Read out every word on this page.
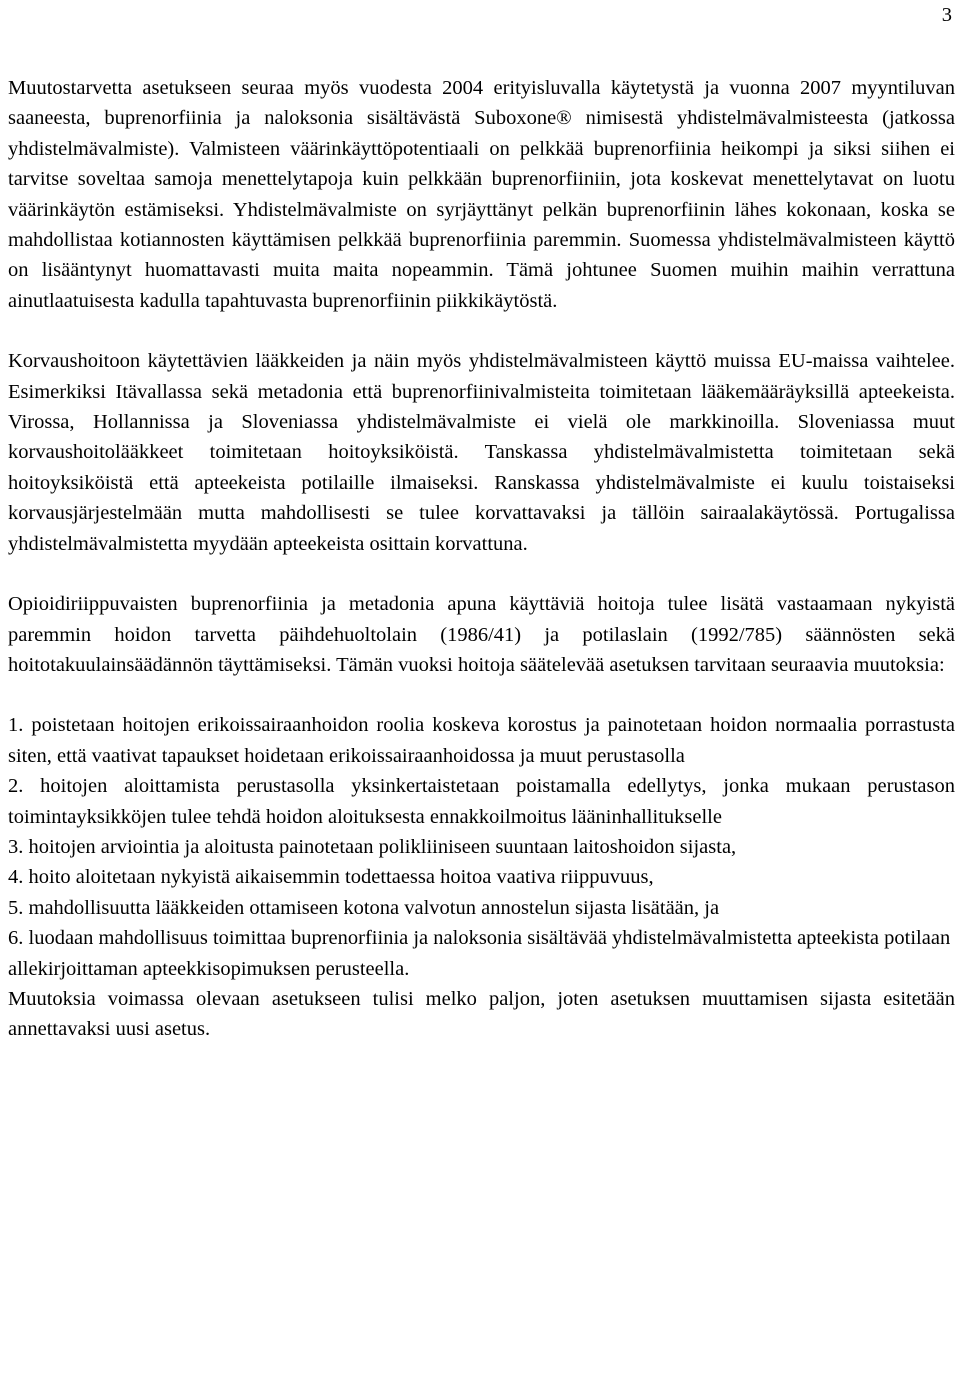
3

Muutostarvetta asetukseen seuraa myös vuodesta 2004 erityisluvalla käytetystä ja vuonna 2007 myyntiluvan saaneesta, buprenorfiinia ja naloksonia sisältävästä Suboxone® nimisestä yhdistelmävalmisteesta (jatkossa yhdistelmävalmiste). Valmisteen väärinkäyttöpotentiaali on pelkkää buprenorfiinia heikompi ja siksi siihen ei tarvitse soveltaa samoja menettelytapoja kuin pelkkään buprenorfiiniin, jota koskevat menettelytavat on luotu väärinkäytön estämiseksi. Yhdistelmävalmiste on syrjäyttänyt pelkän buprenorfiinin lähes kokonaan, koska se mahdollistaa kotiannosten käyttämisen pelkkää buprenorfiinia paremmin. Suomessa yhdistelmävalmisteen käyttö on lisääntynyt huomattavasti muita maita nopeammin. Tämä johtunee Suomen muihin maihin verrattuna ainutlaatuisesta kadulla tapahtuvasta buprenorfiinin piikkikäytöstä.

Korvaushoitoon käytettävien lääkkeiden ja näin myös yhdistelmävalmisteen käyttö muissa EU-maissa vaihtelee. Esimerkiksi Itävallassa sekä metadonia että buprenorfiinivalmisteita toimitetaan lääkemääräyksillä apteekeista. Virossa, Hollannissa ja Sloveniassa yhdistelmävalmiste ei vielä ole markkinoilla. Sloveniassa muut korvaushoitolääkkeet toimitetaan hoitoyksiköistä. Tanskassa yhdistelmävalmistetta toimitetaan sekä hoitoyksiköistä että apteekeista potilaille ilmaiseksi. Ranskassa yhdistelmävalmiste ei kuulu toistaiseksi korvausjärjestelmään mutta mahdollisesti se tulee korvattavaksi ja tällöin sairaalakäytössä. Portugalissa yhdistelmävalmistetta myydään apteekeista osittain korvattuna.

Opioidiriippuvaisten buprenorfiinia ja metadonia apuna käyttäviä hoitoja tulee lisätä vastaamaan nykyistä paremmin hoidon tarvetta päihdehuoltolain (1986/41) ja potilaslain (1992/785) säännösten sekä hoitotakuulainsäädännön täyttämiseksi. Tämän vuoksi hoitoja säätelevää asetuksen tarvitaan seuraavia muutoksia:

1. poistetaan hoitojen erikoissairaanhoidon roolia koskeva korostus ja painotetaan hoidon normaalia porrastusta siten, että vaativat tapaukset hoidetaan erikoissairaanhoidossa ja muut perustasolla

2. hoitojen aloittamista perustasolla yksinkertaistetaan poistamalla edellytys, jonka mukaan perustason toimintayksikköjen tulee tehdä hoidon aloituksesta ennakkoilmoitus lääninhallitukselle

3. hoitojen arviointia ja aloitusta painotetaan polikliiniseen suuntaan laitoshoidon sijasta,

4. hoito aloitetaan nykyistä aikaisemmin todettaessa hoitoa vaativa riippuvuus,

5. mahdollisuutta lääkkeiden ottamiseen kotona valvotun annostelun sijasta lisätään, ja

6. luodaan mahdollisuus toimittaa buprenorfiinia ja naloksonia sisältävää yhdistelmävalmistetta apteekista potilaan allekirjoittaman apteekkisopimuksen perusteella.

Muutoksia voimassa olevaan asetukseen tulisi melko paljon, joten asetuksen muuttamisen sijasta esitetään annettavaksi uusi asetus.
